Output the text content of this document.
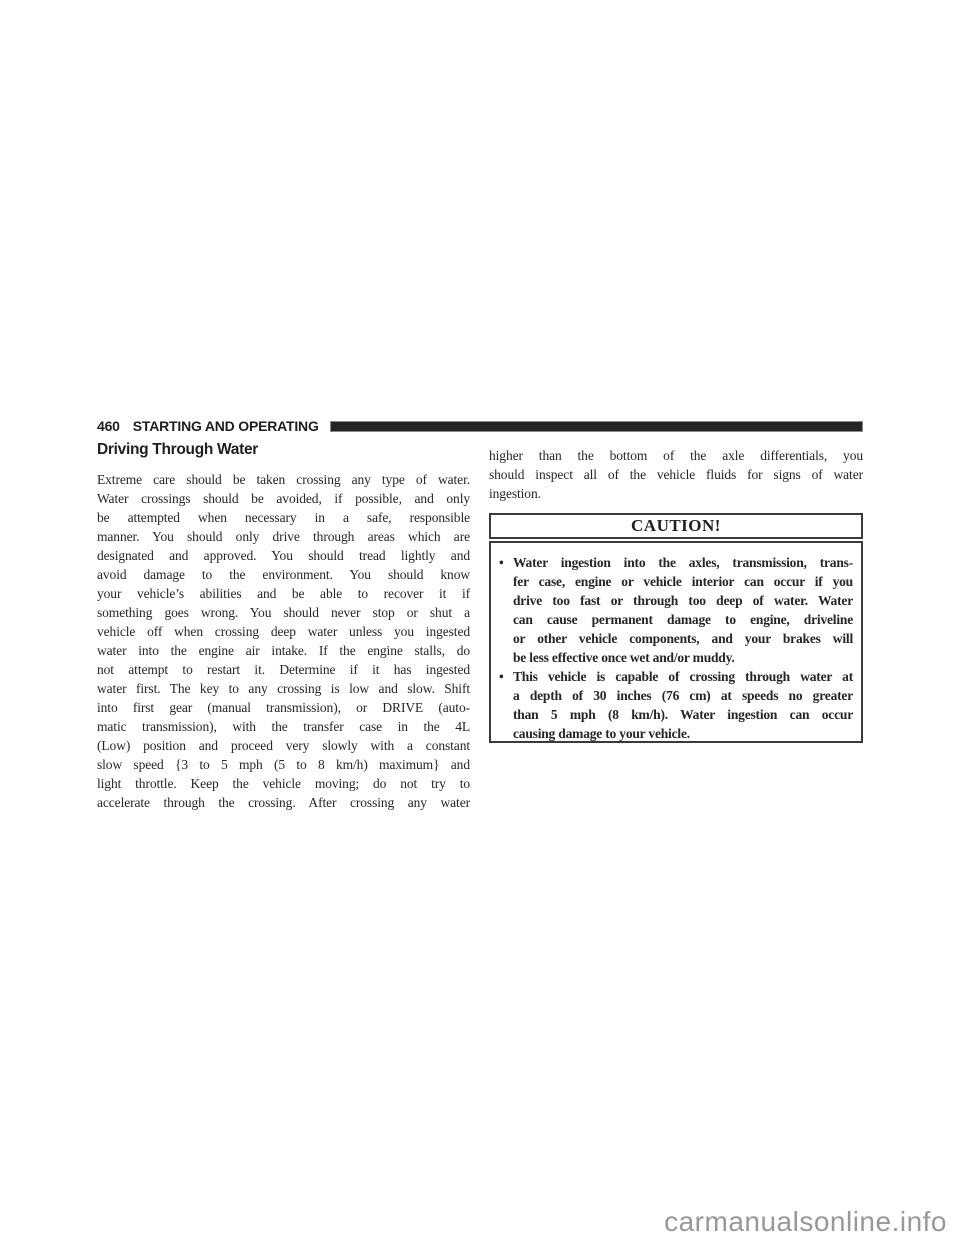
460 STARTING AND OPERATING
Driving Through Water
Extreme care should be taken crossing any type of water.
Water crossings should be avoided, if possible, and only
be attempted when necessary in a safe, responsible
manner. You should only drive through areas which are
designated and approved. You should tread lightly and
avoid damage to the environment. You should know
your vehicle’s abilities and be able to recover it if
something goes wrong. You should never stop or shut a
vehicle off when crossing deep water unless you ingested
water into the engine air intake. If the engine stalls, do
not attempt to restart it. Determine if it has ingested
water first. The key to any crossing is low and slow. Shift
into first gear (manual transmission), or DRIVE (auto-
matic transmission), with the transfer case in the 4L
(Low) position and proceed very slowly with a constant
slow speed {3 to 5 mph (5 to 8 km/h) maximum} and
light throttle. Keep the vehicle moving; do not try to
accelerate through the crossing. After crossing any water
higher than the bottom of the axle differentials, you
should inspect all of the vehicle fluids for signs of water
ingestion.
CAUTION!
• Water ingestion into the axles, transmission, trans-
fer case, engine or vehicle interior can occur if you
drive too fast or through too deep of water. Water
can cause permanent damage to engine, driveline
or other vehicle components, and your brakes will
be less effective once wet and/or muddy.
• This vehicle is capable of crossing through water at
a depth of 30 inches (76 cm) at speeds no greater
than 5 mph (8 km/h). Water ingestion can occur
causing damage to your vehicle.
carmanualsonline.info
